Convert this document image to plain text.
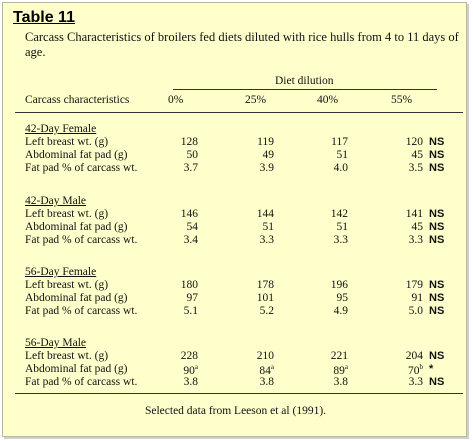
Table 11
Carcass Characteristics of broilers fed diets diluted with rice hulls from 4 to 11 days of age.
Diet dilution
Carcass characteristics	0%	25%	40%	55%
42-Day Female
Left breast wt. (g)	128	119	117	120 NS
Abdominal fat pad (g)	50	49	51	45 NS
Fat pad % of carcass wt.	3.7	3.9	4.0	3.5 NS
42-Day Male
Left breast wt. (g)	146	144	142	141 NS
Abdominal fat pad (g)	54	51	51	45 NS
Fat pad % of carcass wt.	3.4	3.3	3.3	3.3 NS
56-Day Female
Left breast wt. (g)	180	178	196	179 NS
Abdominal fat pad (g)	97	101	95	91 NS
Fat pad % of carcass wt.	5.1	5.2	4.9	5.0 NS
56-Day Male
Left breast wt. (g)	228	210	221	204 NS
Abdominal fat pad (g)	90$^a$	84$^a$	89$^a$	70$^b$ *
Fat pad % of carcass wt.	3.8	3.8	3.8	3.3 NS
Selected data from Leeson et al (1991).
